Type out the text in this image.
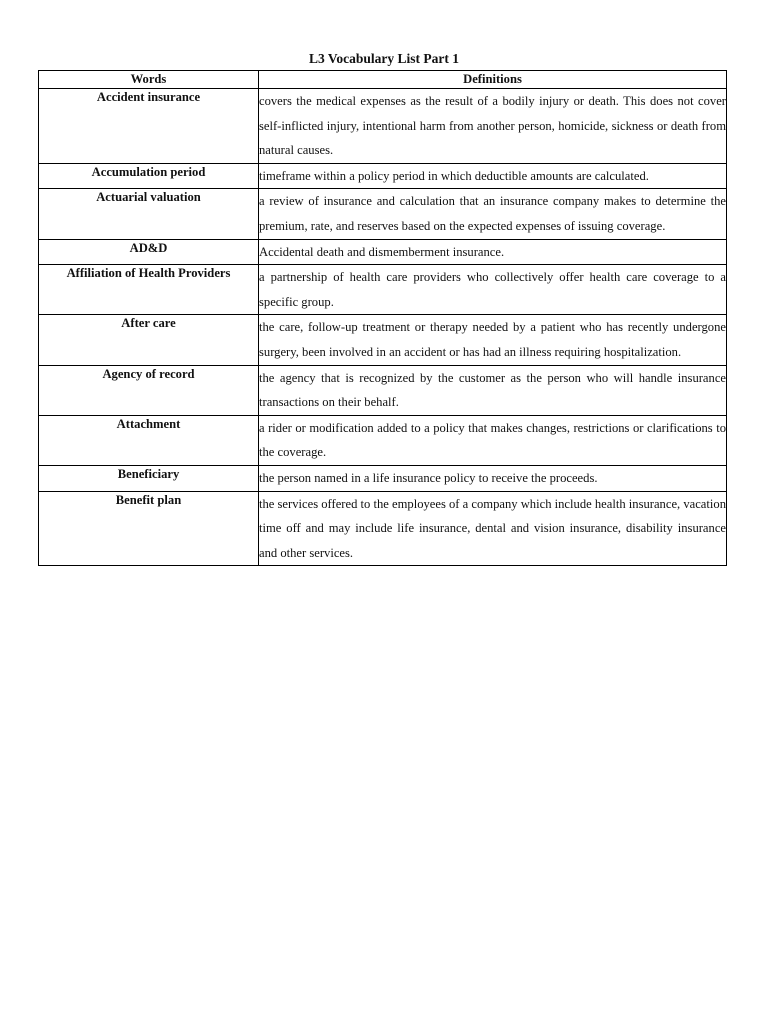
L3 Vocabulary List Part 1
Words	Definitions
Accident insurance	covers the medical expenses as the result of a bodily injury or death. This does not cover self-inflicted injury, intentional harm from another person, homicide, sickness or death from natural causes.
Accumulation period	timeframe within a policy period in which deductible amounts are calculated.
Actuarial valuation	a review of insurance and calculation that an insurance company makes to determine the premium, rate, and reserves based on the expected expenses of issuing coverage.
AD&D	Accidental death and dismemberment insurance.
Affiliation of Health Providers	a partnership of health care providers who collectively offer health care coverage to a specific group.
After care	the care, follow-up treatment or therapy needed by a patient who has recently undergone surgery, been involved in an accident or has had an illness requiring hospitalization.
Agency of record	the agency that is recognized by the customer as the person who will handle insurance transactions on their behalf.
Attachment	a rider or modification added to a policy that makes changes, restrictions or clarifications to the coverage.
Beneficiary	the person named in a life insurance policy to receive the proceeds.
Benefit plan	the services offered to the employees of a company which include health insurance, vacation time off and may include life insurance, dental and vision insurance, disability insurance and other services.
